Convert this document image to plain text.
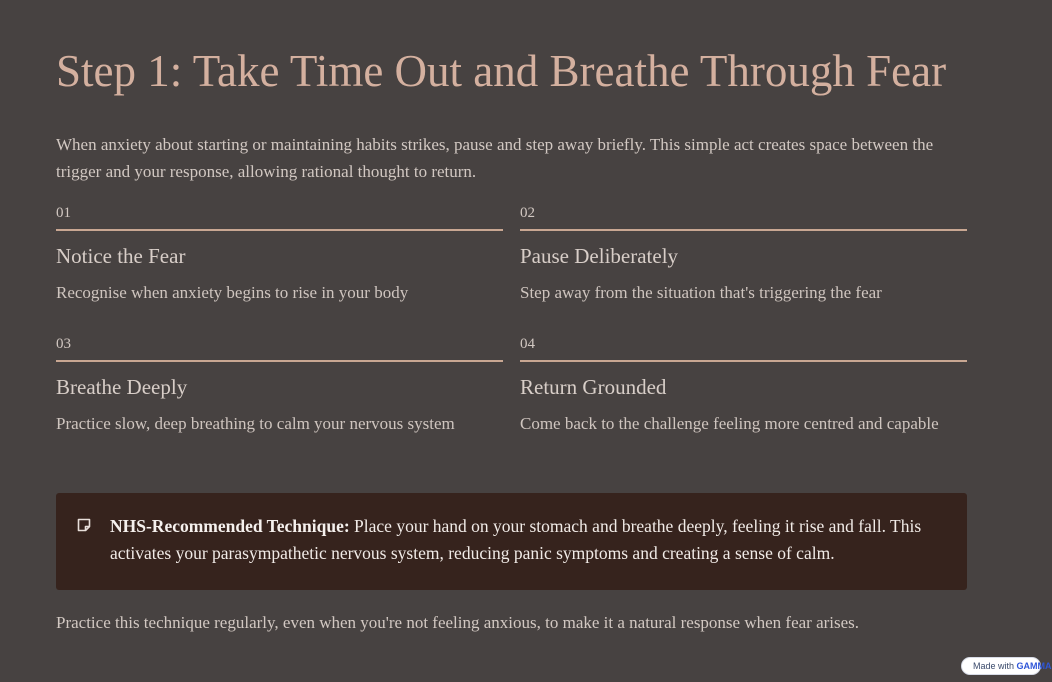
Step 1: Take Time Out and Breathe Through Fear

When anxiety about starting or maintaining habits strikes, pause and step away briefly. This simple act creates space between the trigger and your response, allowing rational thought to return.

01
Notice the Fear
Recognise when anxiety begins to rise in your body
02
Pause Deliberately
Step away from the situation that's triggering the fear
03
Breathe Deeply
Practice slow, deep breathing to calm your nervous system
04
Return Grounded
Come back to the challenge feeling more centred and capable

NHS-Recommended Technique: Place your hand on your stomach and breathe deeply, feeling it rise and fall. This activates your parasympathetic nervous system, reducing panic symptoms and creating a sense of calm.

Practice this technique regularly, even when you're not feeling anxious, to make it a natural response when fear arises.

Made with GAMMA
